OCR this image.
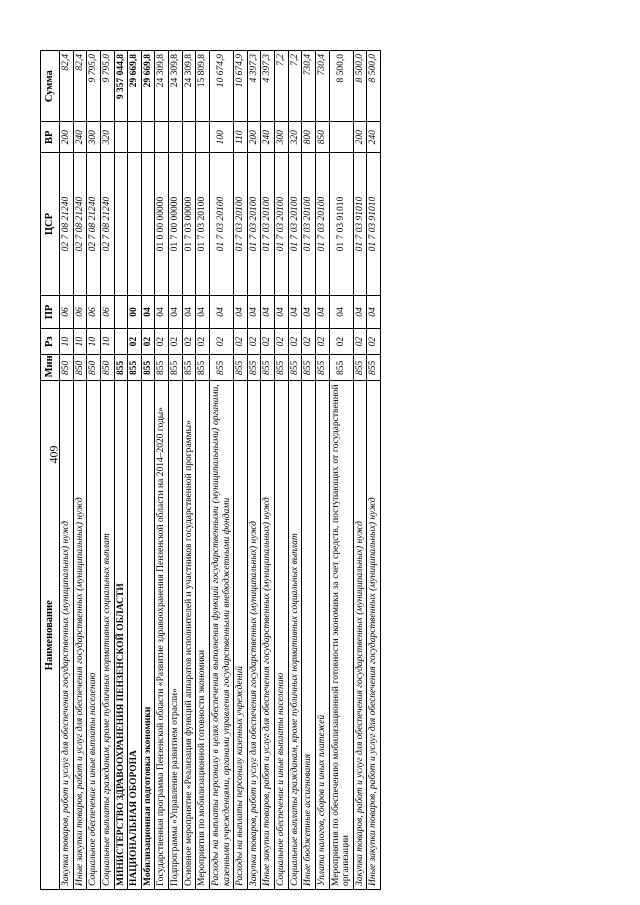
409
Наименование	Мин	Рз	ПР	ЦСР	ВР	Сумма
Закупка товаров, работ и услуг для обеспечения государственных (муниципальных) нужд	850	10	06	02 7 08 21240	200	82,4
Иные закупки товаров, работ и услуг для обеспечения государственных (муниципальных) нужд	850	10	06	02 7 08 21240	240	82,4
Социальное обеспечение и иные выплаты населению	850	10	06	02 7 08 21240	300	9 795,0
Социальные выплаты гражданам, кроме публичных нормативных социальных выплат	850	10	06	02 7 08 21240	320	9 795,0
МИНИСТЕРСТВО ЗДРАВООХРАНЕНИЯ ПЕНЗЕНСКОЙ ОБЛАСТИ	855					9 357 044,8
НАЦИОНАЛЬНАЯ ОБОРОНА	855	02	00			29 669,8
Мобилизационная подготовка экономики	855	02	04			29 669,8
Государственная программа Пензенской области «Развитие здравоохранения Пензенской области на 2014–2020 годы»	855	02	04	01 0 00 00000		24 309,8
Подпрограмма «Управление развитием отрасли»	855	02	04	01 7 00 00000		24 309,8
Основное мероприятие «Реализация функций аппаратов исполнителей и участников государственной программы»	855	02	04	01 7 03 00000		24 309,8
Мероприятия по мобилизационной готовности экономики	855	02	04	01 7 03 20100		15 809,8
Расходы на выплаты персоналу в целях обеспечения выполнения функций государственными (муниципальными) органами, казенными учреждениями, органами управления государственными внебюджетными фондами	855	02	04	01 7 03 20100	100	10 674,9
Расходы на выплаты персоналу казенных учреждений	855	02	04	01 7 03 20100	110	10 674,9
Закупка товаров, работ и услуг для обеспечения государственных (муниципальных) нужд	855	02	04	01 7 03 20100	200	4 397,3
Иные закупки товаров, работ и услуг для обеспечения государственных (муниципальных) нужд	855	02	04	01 7 03 20100	240	4 397,3
Социальное обеспечение и иные выплаты населению	855	02	04	01 7 03 20100	300	7,2
Социальные выплаты гражданам, кроме публичных нормативных социальных выплат	855	02	04	01 7 03 20100	320	7,2
Иные бюджетные ассигнования	855	02	04	01 7 03 20100	800	730,4
Уплата налогов, сборов и иных платежей	855	02	04	01 7 03 20100	850	730,4
Мероприятия по обеспечению мобилизационной готовности экономики за счет средств, поступающих от государственной организации	855	02	04	01 7 03 91010		8 500,0
Закупка товаров, работ и услуг для обеспечения государственных (муниципальных) нужд	855	02	04	01 7 03 91010	200	8 500,0
Иные закупки товаров, работ и услуг для обеспечения государственных (муниципальных) нужд	855	02	04	01 7 03 91010	240	8 500,0
